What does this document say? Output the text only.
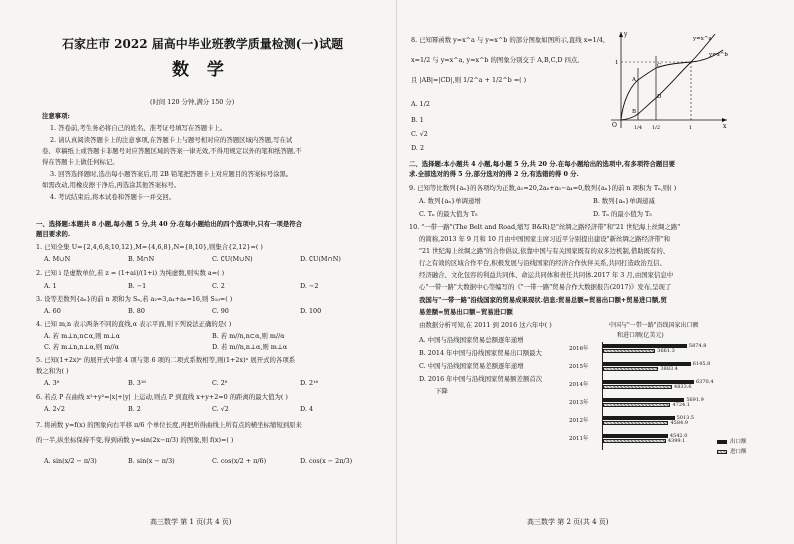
石家庄市 2022 届高中毕业班教学质量检测(一)试题
数 学
(时间 120 分钟,满分 150 分)
注意事项:
1. 答卷前,考生务必将自己的姓名、准考证号填写在答题卡上。
2. 请认真阅读答题卡上的注意事项,在答题卡上与题号相对应的答题区域内答题,写在试
卷、草稿纸上或答题卡非题号对应答题区域的答案一律无效,不得用规定以外的笔和纸答题,不
得在答题卡上做任何标记。
3. 回答选择题时,选出每小题答案后,用 2B 铅笔把答题卡上对应题目的答案标号涂黑。
如需改动,用橡皮擦干净后,再选涂其他答案标号。
4. 考试结束后,将本试卷和答题卡一并交回。
一、选择题:本题共 8 小题,每小题 5 分,共 40 分.在每小题给出的四个选项中,只有一项是符合
题目要求的.
1. 已知全集 U={2,4,6,8,10,12},M={4,6,8},N={8,10},则集合{2,12}=( )
A. M∪N	B. M∩N	C. ∁U(M∪N)	D. ∁U(M∩N)
2. 已知 i 是虚数单位,若 z = (1+ai)/(1+i) 为纯虚数,则实数 a=( )
A. 1	B. −1	C. 2	D. −2
3. 设等差数列{aₙ}的前 n 项和为 Sₙ,若 a₂=3,a₄+a₆=16,则 S₁₀=( )
A. 60	B. 80	C. 90	D. 100
4. 已知 m,n 表示两条不同的直线,α 表示平面,则下列说法正确的是( )
A. 若 m⊥n,n⊂α,则 m⊥α	B. 若 m//n,n⊂α,则 m//α
C. 若 m⊥n,n⊥α,则 m//α	D. 若 m//n,n⊥α,则 m⊥α
5. 已知(1+2x)ⁿ 的展开式中第 4 项与第 6 项的二项式系数相等,则(1+2x)ⁿ 展开式的各项系
数之和为( )
A. 3⁸	B. 3¹⁶	C. 2⁸	D. 2¹⁶
6. 若点 P 在曲线 x²+y²=|x|+|y| 上运动,则点 P 到直线 x+y+2=0 的距离的最大值为( )
A. 2√2	B. 2	C. √2	D. 4
7. 将函数 y=f(x) 的图象向右平移 π/6 个单位长度,再把所得曲线上所有点的横坐标缩短到原来
的一半,纵坐标保持不变,得到函数 y=sin(2x−π/3) 的图象,则 f(x)=( )
A. sin(x/2 − π/3)	B. sin(x − π/3)	C. cos(x/2 + π/6)	D. cos(x − 2π/3)
高三数学 第 1 页(共 4 页)
8. 已知幂函数 y=x^a 与 y=x^b 的部分图象如图所示,直线 x=1/4,
x=1/2 与 y=x^a, y=x^b 的图象分别交于 A,B,C,D 四点,
且 |AB|=|CD|,则 1/2^a + 1/2^b =( )
A. 1/2
B. 1
C. √2
D. 2
y=x^a
y=x^b
A
B
C
D
O	1/4 1/2	1
1
x
y
二、选择题:本小题共 4 小题,每小题 5 分,共 20 分.在每小题给出的选项中,有多项符合题目要
求.全部选对的得 5 分,部分选对的得 2 分,有选错的得 0 分.
9. 已知等比数列{aₙ}的各项均为正数,a₁=20,2a₆+a₅−a₄=0,数列{aₙ}的前 n 项积为 Tₙ,则( )
A. 数列{aₙ}单调递增	B. 数列{aₙ}单调递减
C. Tₙ 的最大值为 T₅	D. Tₙ 的最小值为 T₅
10. "一带一路"(The Belt and Road,缩写 B&R)是"丝绸之路经济带"和"21 世纪海上丝绸之路"
的简称,2013 年 9 月和 10 月由中国国家主席习近平分别提出建设"新丝绸之路经济带"和
"21 世纪海上丝绸之路"的合作倡议,依靠中国与有关国家既有的双多边机制,借助既有的、
行之有效的区域合作平台,积极发展与沿线国家的经济合作伙伴关系,共同打造政治互信、
经济融合、文化包容的利益共同体、命运共同体和责任共同体.2017 年 3 月,由国家信息中
心"一带一路"大数据中心等编写的《"一带一路"贸易合作大数据报告(2017)》发布,呈现了
我国与"一带一路"沿线国家的贸易成果现状.信息:贸易总额=贸易出口额+贸易进口额,贸
易差额=贸易出口额−贸易进口额
由数据分析可知,在 2011 到 2016 这六年中( )
A. 中国与沿线国家贸易总额逐年递增
B. 2014 年中国与沿线国家贸易出口额最大
C. 中国与沿线国家贸易差额逐年递增
D. 2016 年中国与沿线国家贸易额差额首次
下降
中国与"一带一路"沿线国家出口额
和进口额(亿美元)
2016年	5874.8
3661.3
2015年	6145.8
3883.4
2014年	6370.4
4833.6
2013年	5691.9
4724.1
2012年	5013.5
4584.9
2011年	4542.0
4399.1	出口额
进口额
高三数学 第 2 页(共 4 页)
